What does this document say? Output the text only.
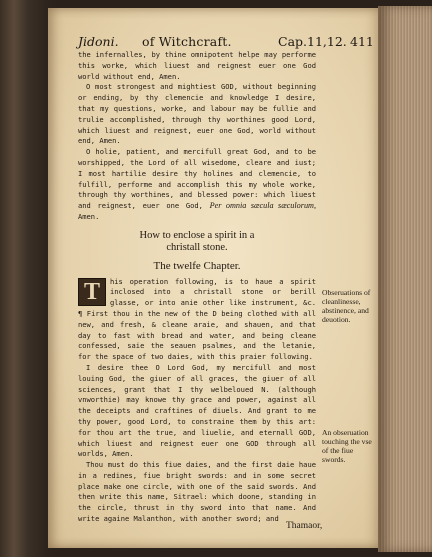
Jidoni. of Witchcraft.	Cap.11,12. 411

the infernalles, by thine omnipotent helpe may performe this worke, which liuest and reignest euer one God world without end, Amen.

O most strongest and mightiest GOD, without beginning or ending, by thy clemencie and knowledge I desire, that my questions, worke, and labour may be fullie and trulie accomplished, through thy worthines good Lord, which liuest and reignest, euer one God, world without end, Amen.

O holie, patient, and mercifull great God, and to be worshipped, the Lord of all wisedome, cleare and iust; I most hartilie desire thy holines and clemencie, to fulfill, performe and accomplish this my whole worke, through thy worthines, and blessed power: which liuest and reignest, euer one God, Per omnia sæcula sæculorum, Amen.

How to enclose a spirit in a
christall stone.
The twelfe Chapter.
T	his operation following, is to haue a spirit inclosed into a christall stone or berill glasse, or into anie other like instrument, &c. ¶ First thou in the new of the D being clothed with all new, and fresh, & cleane araie, and shauen, and that day to fast with bread and water, and being cleane confessed, saie the seauen psalmes, and the letanie, for the space of two daies, with this praier following.

I desire thee O Lord God, my mercifull and most louing God, the giuer of all graces, the giuer of all sciences, grant that I thy welbeloued N. (although vnworthie) may knowe thy grace and power, against all the deceipts and craftines of diuels. And grant to me thy power, good Lord, to constraine them by this art: for thou art the true, and liuelie, and eternall GOD, which liuest and reignest euer one GOD through all worlds, Amen.

Thou must do this fiue daies, and the first daie haue in a redines, fiue bright swords: and in some secret place make one circle, with one of the said swords. And then write this name, Sitrael: which doone, standing in the circle, thrust in thy sword into that name. And write againe Malanthon, with another sword; and

Obseruations of cleanlinesse, abstinence, and deuotion.
An obseruation touching the vse of the fiue swords.
Thamaor,
